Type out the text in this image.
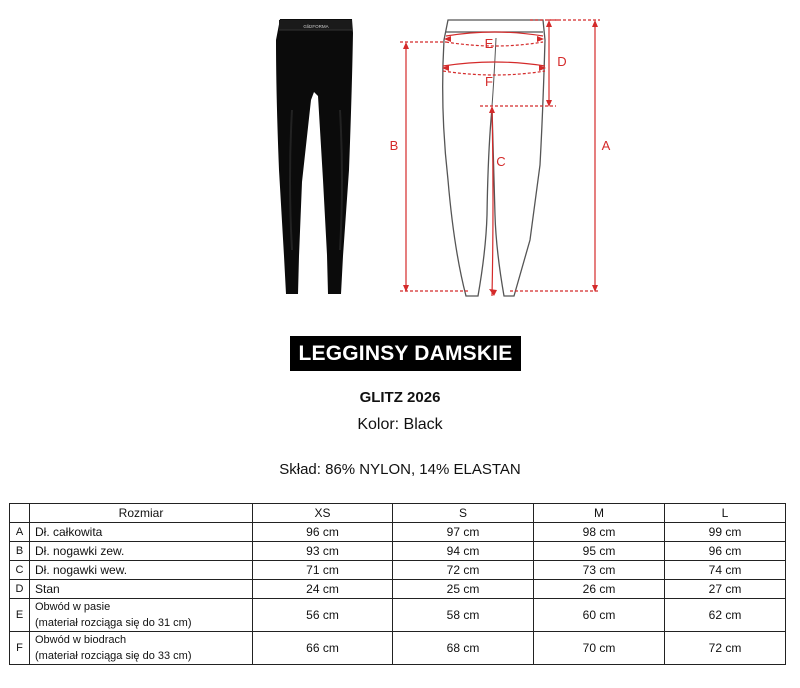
GlitzFORMA
E
F
D
A
B
C
LEGGINSY DAMSKIE
GLITZ 2026
Kolor: Black
Skład: 86% NYLON, 14% ELASTAN
	Rozmiar	XS	S	M	L
A	Dł. całkowita	96 cm	97 cm	98 cm	99 cm
B	Dł. nogawki zew.	93 cm	94 cm	95 cm	96 cm
C	Dł. nogawki wew.	71 cm	72 cm	73 cm	74 cm
D	Stan	24 cm	25 cm	26 cm	27 cm
E	Obwód w pasie
(materiał rozciąga się do 31 cm)	56 cm	58 cm	60 cm	62 cm
F	Obwód w biodrach
(materiał rozciąga się do 33 cm)	66 cm	68 cm	70 cm	72 cm
